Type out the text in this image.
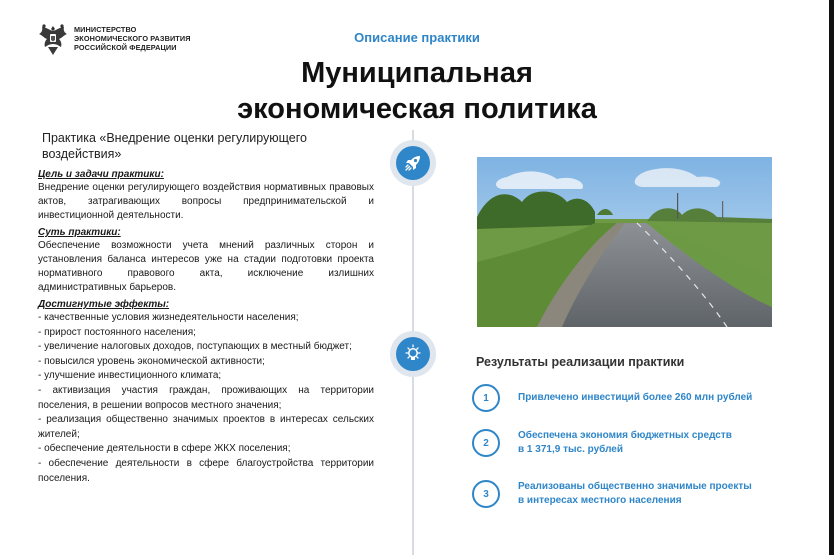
МИНИСТЕРСТВО
ЭКОНОМИЧЕСКОГО РАЗВИТИЯ
РОССИЙСКОЙ ФЕДЕРАЦИИ
Описание практики
Муниципальная
экономическая политика
Практика «Внедрение оценки регулирующего воздействия»

Цель и задачи практики:

Внедрение оценки регулирующего воздействия нормативных правовых актов, затрагивающих вопросы предпринимательской и инвестиционной деятельности.

Суть практики:

Обеспечение возможности учета мнений различных сторон и установления баланса интересов уже на стадии подготовки проекта нормативного правового акта, исключение излишних административных барьеров.

Достигнутые эффекты:

- качественные условия жизнедеятельности населения;
- прирост постоянного населения;
- увеличение налоговых доходов, поступающих в местный бюджет;
- повысился уровень экономической активности;
- улучшение инвестиционного климата;
- активизация участия граждан, проживающих на территории поселения, в решении вопросов местного значения;
- реализация общественно значимых проектов в интересах сельских жителей;
- обеспечение деятельности в сфере ЖКХ поселения;
- обеспечение деятельности в сфере благоустройства территории поселения.
Результаты реализации практики
1	Привлечено инвестиций более 260 млн рублей
2
Обеспечена экономия бюджетных средств
в 1 371,9 тыс. рублей
3
Реализованы общественно значимые проекты
в интересах местного населения
